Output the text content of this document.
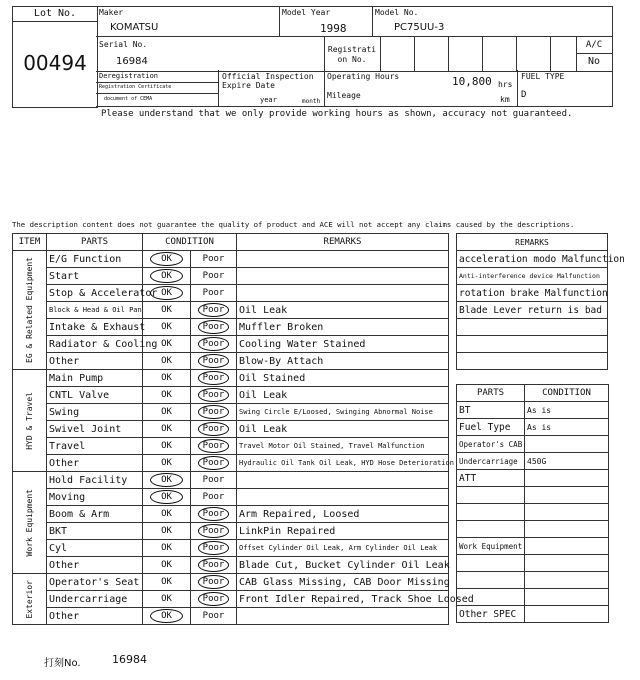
Lot No.
00494
Maker
KOMATSU
Model Year
1998
Model No.
PC75UU-3
Serial No.
16984
Registrati
on No.
A/C
No
Deregistration
Registration Certificate
document of CEMA
Official Inspection
Expire Date
year	month
Operating Hours	10,800 hrs
Mileage	km
FUEL TYPE
D
Please understand that we only provide working hours as shown, accuracy not guaranteed.
The description content does not guarantee the quality of product and ACE will not accept any claims caused by the descriptions.
ITEM	PARTS	CONDITION		REMARKS

EG & Related Equipment	E/G Function	OK	Poor	
	Start	OK	Poor	
	Stop & Accelerator	OK	Poor	
	Block & Head & Oil Pan	OK	Poor	Oil Leak
	Intake & Exhaust	OK	Poor	Muffler Broken
	Radiator & Cooling	OK	Poor	Cooling Water Stained
	Other	OK	Poor	Blow-By Attach

HYD & Travel	Main Pump	OK	Poor	Oil Stained
	CNTL Valve	OK	Poor	Oil Leak
	Swing	OK	Poor	Swing Circle E/Loosed, Swinging Abnormal Noise
	Swivel Joint	OK	Poor	Oil Leak
	Travel	OK	Poor	Travel Motor Oil Stained, Travel Malfunction
	Other	OK	Poor	Hydraulic Oil Tank Oil Leak, HYD Hose Deterioration

Work Equipment	Hold Facility	OK	Poor	
	Moving	OK	Poor	
	Boom & Arm	OK	Poor	Arm Repaired, Loosed
	BKT	OK	Poor	LinkPin Repaired
	Cyl	OK	Poor	Offset Cylinder Oil Leak, Arm Cylinder Oil Leak
	Other	OK	Poor	Blade Cut, Bucket Cylinder Oil Leak

Exterior	Operator's Seat	OK	Poor	CAB Glass Missing, CAB Door Missing
	Undercarriage	OK	Poor	Front Idler Repaired, Track Shoe Loosed
	Other	OK	Poor	
REMARKS
acceleration modo Malfunction
Anti-interference device Malfunction
rotation brake Malfunction
Blade Lever return is bad

PARTS	CONDITION
BT	As is
Fuel Type	As is
Operator's CAB	
Undercarriage	450G
ATT	

Work Equipment	

Other SPEC	
打刻No.	16984
